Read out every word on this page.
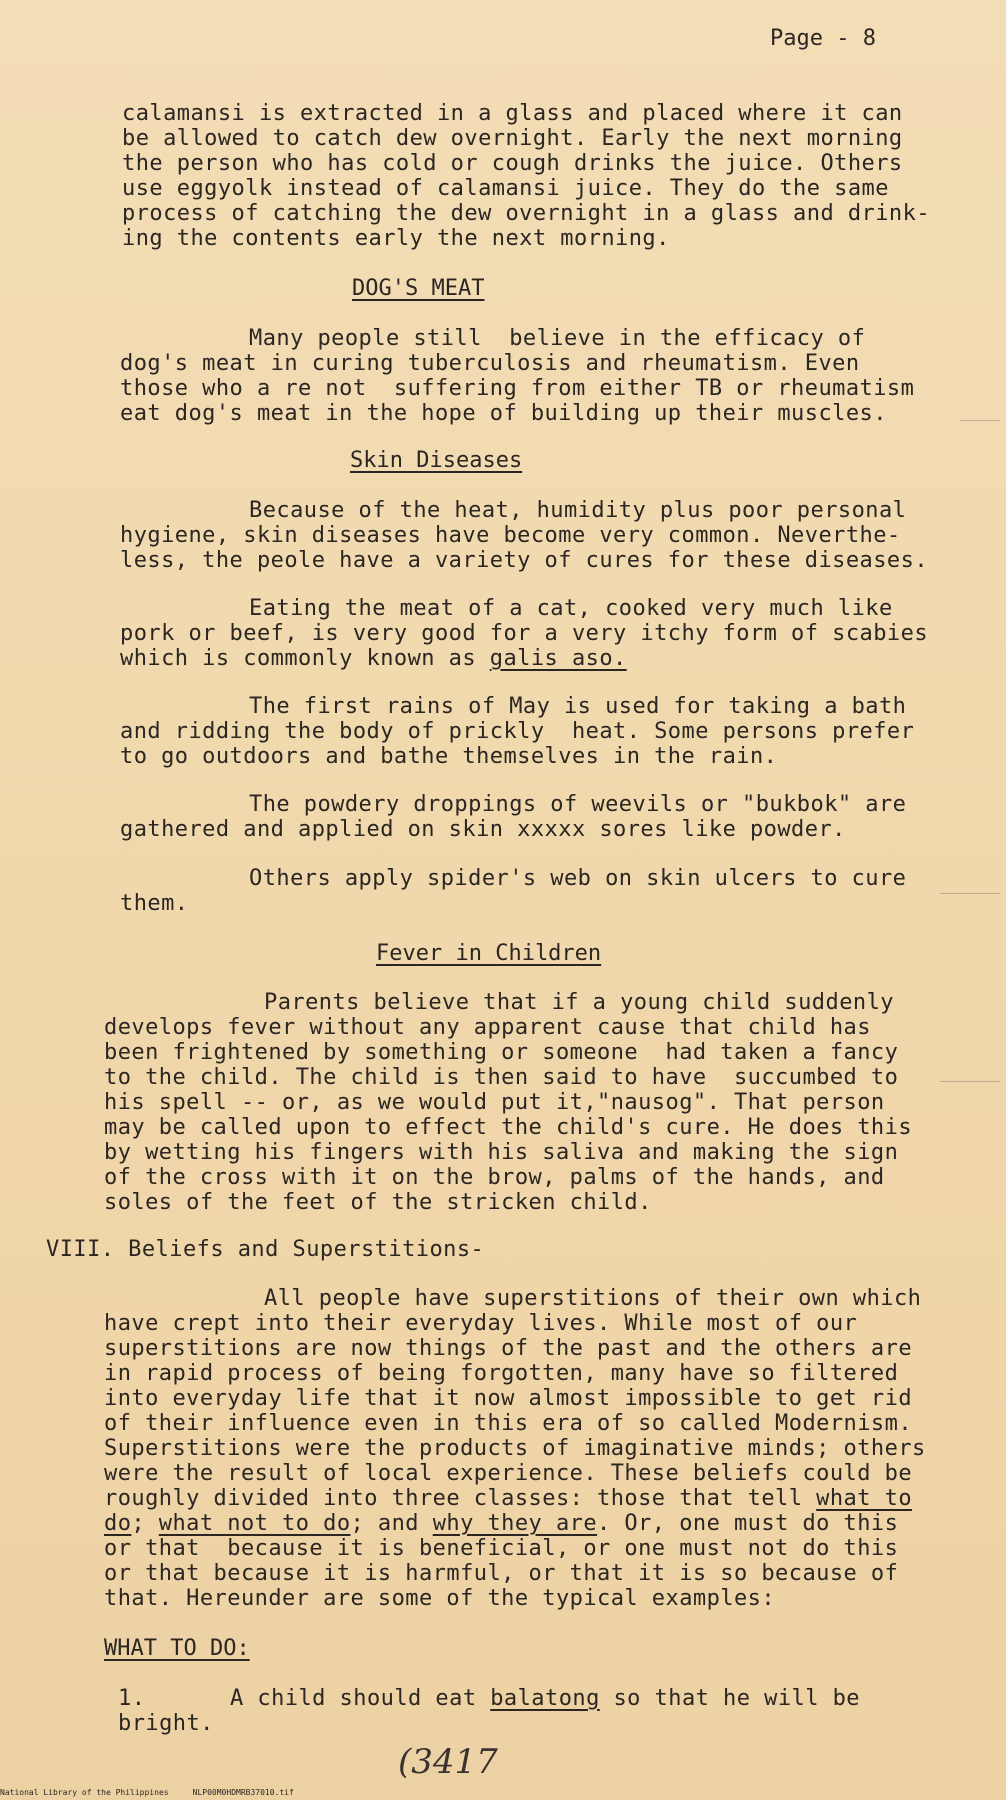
Page - 8
calamansi is extracted in a glass and placed where it can
be allowed to catch dew overnight. Early the next morning
the person who has cold or cough drinks the juice. Others
use eggyolk instead of calamansi juice. They do the same
process of catching the dew overnight in a glass and drink-
ing the contents early the next morning.
DOG'S MEAT
Many people still  believe in the efficacy of
dog's meat in curing tuberculosis and rheumatism. Even
those who a re not  suffering from either TB or rheumatism
eat dog's meat in the hope of building up their muscles.
Skin Diseases
Because of the heat, humidity plus poor personal
hygiene, skin diseases have become very common. Neverthe-
less, the peole have a variety of cures for these diseases.
Eating the meat of a cat, cooked very much like
pork or beef, is very good for a very itchy form of scabies
which is commonly known as galis aso.
The first rains of May is used for taking a bath
and ridding the body of prickly  heat. Some persons prefer
to go outdoors and bathe themselves in the rain.
The powdery droppings of weevils or "bukbok" are
gathered and applied on skin xxxxx sores like powder.
Others apply spider's web on skin ulcers to cure
them.
Fever in Children
Parents believe that if a young child suddenly
develops fever without any apparent cause that child has
been frightened by something or someone  had taken a fancy
to the child. The child is then said to have  succumbed to
his spell -- or, as we would put it,"nausog". That person
may be called upon to effect the child's cure. He does this
by wetting his fingers with his saliva and making the sign
of the cross with it on the brow, palms of the hands, and
soles of the feet of the stricken child.
VIII. Beliefs and Superstitions-
All people have superstitions of their own which
have crept into their everyday lives. While most of our
superstitions are now things of the past and the others are
in rapid process of being forgotten, many have so filtered
into everyday life that it now almost impossible to get rid
of their influence even in this era of so called Modernism.
Superstitions were the products of imaginative minds; others
were the result of local experience. These beliefs could be
roughly divided into three classes: those that tell what to
do; what not to do; and why they are. Or, one must do this
or that  because it is beneficial, or one must not do this
or that because it is harmful, or that it is so because of
that. Hereunder are some of the typical examples:
WHAT TO DO:
1.	A child should eat balatong so that he will be
bright.
(3417
National Library of the Philippines     NLP00M0HDMRB37010.tif
